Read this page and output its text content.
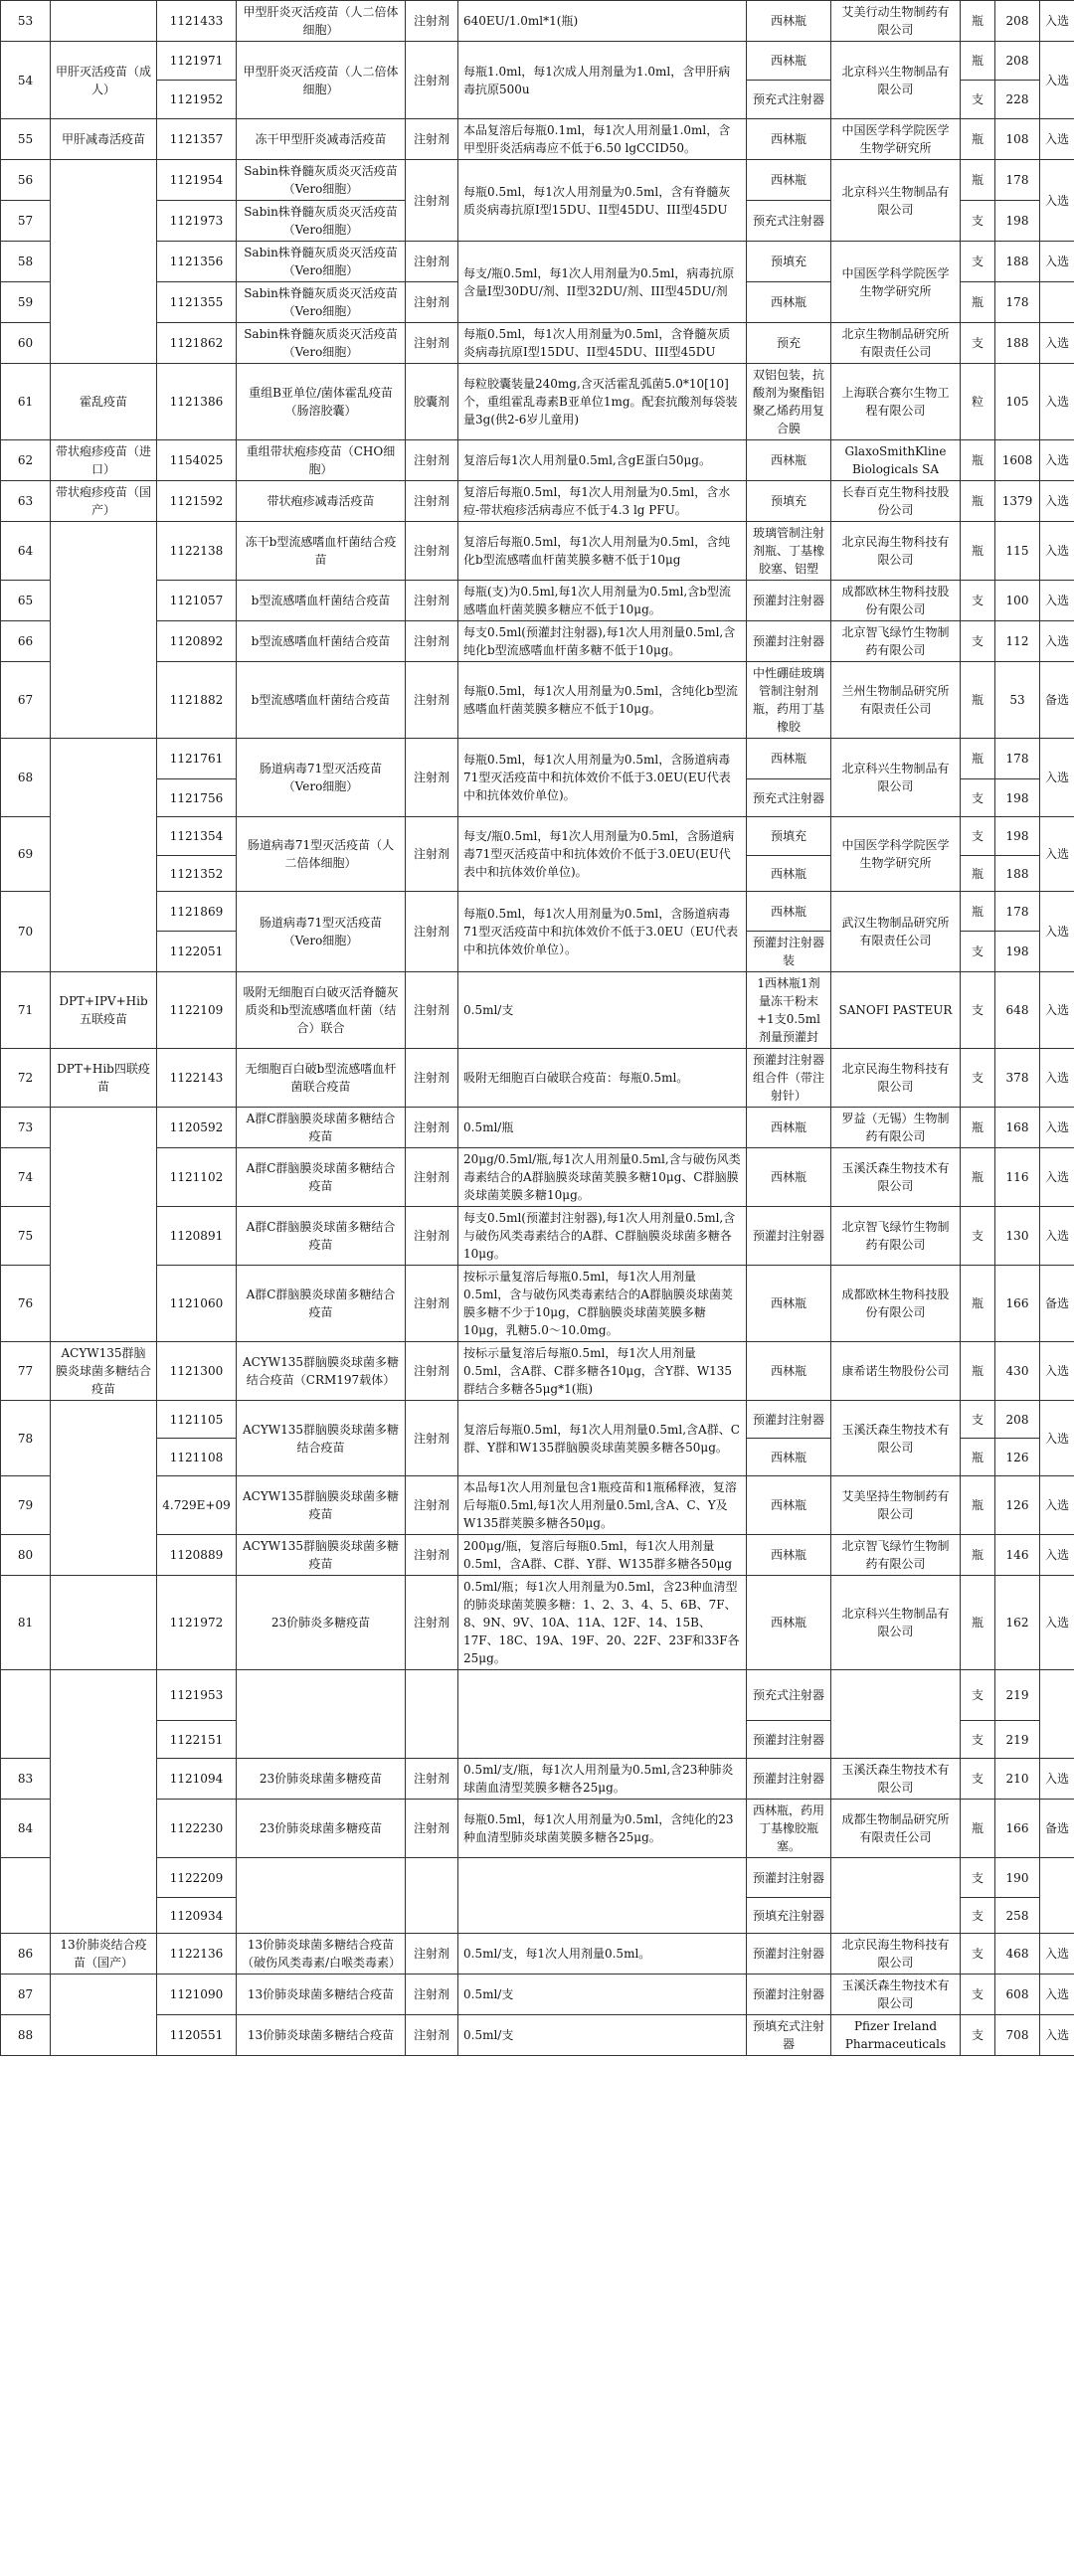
53		1121433	甲型肝炎灭活疫苗（人二倍体细胞）	注射剂	640EU/1.0ml*1(瓶)	西林瓶	艾美行动生物制药有限公司	瓶	208	入选
54	甲肝灭活疫苗（成人）	1121971	甲型肝炎灭活疫苗（人二倍体细胞）	注射剂	每瓶1.0ml，每1次成人用剂量为1.0ml，含甲肝病毒抗原500u	西林瓶	北京科兴生物制品有限公司	瓶	208	入选
		1121952				预充式注射器		支	228	
55	甲肝减毒活疫苗	1121357	冻干甲型肝炎减毒活疫苗	注射剂	本品复溶后每瓶0.1ml，每1次人用剂量1.0ml，含甲型肝炎活病毒应不低于6.50 lgCCID50。	西林瓶	中国医学科学院医学生物学研究所	瓶	108	入选
56		1121954	Sabin株脊髓灰质炎灭活疫苗（Vero细胞）	注射剂	每瓶0.5ml，每1次人用剂量为0.5ml，含有脊髓灰质炎病毒抗原I型15DU、II型45DU、III型45DU	西林瓶	北京科兴生物制品有限公司	瓶	178	入选
57		1121973	Sabin株脊髓灰质炎灭活疫苗（Vero细胞）			预充式注射器		支	198	
58		1121356	Sabin株脊髓灰质炎灭活疫苗（Vero细胞）	注射剂	每支/瓶0.5ml，每1次人用剂量为0.5ml，病毒抗原含量I型30DU/剂、II型32DU/剂、III型45DU/剂	预填充	中国医学科学院医学生物学研究所	支	188	入选
59		1121355	Sabin株脊髓灰质炎灭活疫苗（Vero细胞）	注射剂		西林瓶		瓶	178	
60		1121862	Sabin株脊髓灰质炎灭活疫苗（Vero细胞）	注射剂	每瓶0.5ml，每1次人用剂量为0.5ml，含脊髓灰质炎病毒抗原I型15DU、II型45DU、III型45DU	预充	北京生物制品研究所有限责任公司	支	188	入选
61	霍乱疫苗	1121386	重组B亚单位/菌体霍乱疫苗（肠溶胶囊）	胶囊剂	每粒胶囊装量240mg,含灭活霍乱弧菌5.0*10[10]个，重组霍乱毒素B亚单位1mg。配套抗酸剂每袋装量3g(供2-6岁儿童用)	双铝包装，抗酸剂为聚酯铝聚乙烯药用复合膜	上海联合赛尔生物工程有限公司	粒	105	入选
62	带状疱疹疫苗（进口）	1154025	重组带状疱疹疫苗（CHO细胞）	注射剂	复溶后每1次人用剂量0.5ml,含gE蛋白50μg。	西林瓶	GlaxoSmithKline Biologicals SA	瓶	1608	入选
63	带状疱疹疫苗（国产）	1121592	带状疱疹减毒活疫苗	注射剂	复溶后每瓶0.5ml，每1次人用剂量为0.5ml，含水痘-带状疱疹活病毒应不低于4.3 lg PFU。	预填充	长春百克生物科技股份公司	瓶	1379	入选
64		1122138	冻干b型流感嗜血杆菌结合疫苗	注射剂	复溶后每瓶0.5ml，每1次人用剂量为0.5ml，含纯化b型流感嗜血杆菌荚膜多糖不低于10μg	玻璃管制注射剂瓶、丁基橡胶塞、铝塑	北京民海生物科技有限公司	瓶	115	入选
65		1121057	b型流感嗜血杆菌结合疫苗	注射剂	每瓶(支)为0.5ml,每1次人用剂量为0.5ml,含b型流感嗜血杆菌荚膜多糖应不低于10μg。	预灌封注射器	成都欧林生物科技股份有限公司	支	100	入选
66		1120892	b型流感嗜血杆菌结合疫苗	注射剂	每支0.5ml(预灌封注射器),每1次人用剂量0.5ml,含纯化b型流感嗜血杆菌多糖不低于10μg。	预灌封注射器	北京智飞绿竹生物制药有限公司	支	112	入选
67		1121882	b型流感嗜血杆菌结合疫苗	注射剂	每瓶0.5ml，每1次人用剂量为0.5ml，含纯化b型流感嗜血杆菌荚膜多糖应不低于10μg。	中性硼硅玻璃管制注射剂瓶，药用丁基橡胶	兰州生物制品研究所有限责任公司	瓶	53	备选
68		1121761	肠道病毒71型灭活疫苗（Vero细胞）	注射剂	每瓶0.5ml，每1次人用剂量为0.5ml，含肠道病毒71型灭活疫苗中和抗体效价不低于3.0EU(EU代表中和抗体效价单位)。	西林瓶	北京科兴生物制品有限公司	瓶	178	入选
		1121756				预充式注射器		支	198	
69		1121354	肠道病毒71型灭活疫苗（人二倍体细胞）	注射剂	每支/瓶0.5ml，每1次人用剂量为0.5ml，含肠道病毒71型灭活疫苗中和抗体效价不低于3.0EU(EU代表中和抗体效价单位)。	预填充	中国医学科学院医学生物学研究所	支	198	入选
		1121352				西林瓶		瓶	188	
70		1121869	肠道病毒71型灭活疫苗（Vero细胞）	注射剂	每瓶0.5ml，每1次人用剂量为0.5ml，含肠道病毒71型灭活疫苗中和抗体效价不低于3.0EU（EU代表中和抗体效价单位）。	西林瓶	武汉生物制品研究所有限责任公司	瓶	178	入选
		1122051				预灌封注射器装		支	198	
71	DPT+IPV+Hib五联疫苗	1122109	吸附无细胞百白破灭活脊髓灰质炎和b型流感嗜血杆菌（结合）联合	注射剂	0.5ml/支	1西林瓶1剂量冻干粉末+1支0.5ml剂量预灌封	SANOFI PASTEUR	支	648	入选
72	DPT+Hib四联疫苗	1122143	无细胞百白破b型流感嗜血杆菌联合疫苗	注射剂	吸附无细胞百白破联合疫苗：每瓶0.5ml。	预灌封注射器组合件（带注射针）	北京民海生物科技有限公司	支	378	入选
73		1120592	A群C群脑膜炎球菌多糖结合疫苗	注射剂	0.5ml/瓶	西林瓶	罗益（无锡）生物制药有限公司	瓶	168	入选
74		1121102	A群C群脑膜炎球菌多糖结合疫苗	注射剂	20μg/0.5ml/瓶,每1次人用剂量0.5ml,含与破伤风类毒素结合的A群脑膜炎球菌荚膜多糖10μg、C群脑膜炎球菌荚膜多糖10μg。	西林瓶	玉溪沃森生物技术有限公司	瓶	116	入选
75		1120891	A群C群脑膜炎球菌多糖结合疫苗	注射剂	每支0.5ml(预灌封注射器),每1次人用剂量0.5ml,含与破伤风类毒素结合的A群、C群脑膜炎球菌多糖各10μg。	预灌封注射器	北京智飞绿竹生物制药有限公司	支	130	入选
76		1121060	A群C群脑膜炎球菌多糖结合疫苗	注射剂	按标示量复溶后每瓶0.5ml，每1次人用剂量0.5ml，含与破伤风类毒素结合的A群脑膜炎球菌荚膜多糖不少于10μg，C群脑膜炎球菌荚膜多糖10μg，乳糖5.0～10.0mg。	西林瓶	成都欧林生物科技股份有限公司	瓶	166	备选
77	ACYW135群脑膜炎球菌多糖结合疫苗	1121300	ACYW135群脑膜炎球菌多糖结合疫苗（CRM197载体）	注射剂	按标示量复溶后每瓶0.5ml，每1次人用剂量0.5ml，含A群、C群多糖各10μg，含Y群、W135群结合多糖各5μg*1(瓶)	西林瓶	康希诺生物股份公司	瓶	430	入选
78		1121105	ACYW135群脑膜炎球菌多糖结合疫苗	注射剂	复溶后每瓶0.5ml，每1次人用剂量0.5ml,含A群、C群、Y群和W135群脑膜炎球菌荚膜多糖各50μg。	预灌封注射器	玉溪沃森生物技术有限公司	支	208	入选
		1121108				西林瓶		瓶	126	
79		4.729E+09	ACYW135群脑膜炎球菌多糖疫苗	注射剂	本品每1次人用剂量包含1瓶疫苗和1瓶稀释液，复溶后每瓶0.5ml,每1次人用剂量0.5ml,含A、C、Y及W135群荚膜多糖各50μg。	西林瓶	艾美坚持生物制药有限公司	瓶	126	入选
80		1120889	ACYW135群脑膜炎球菌多糖疫苗	注射剂	200μg/瓶，复溶后每瓶0.5ml，每1次人用剂量0.5ml，含A群、C群、Y群、W135群多糖各50μg	西林瓶	北京智飞绿竹生物制药有限公司	瓶	146	入选
81		1121972	23价肺炎多糖疫苗	注射剂	0.5ml/瓶；每1次人用剂量为0.5ml，含23种血清型的肺炎球菌荚膜多糖：1、2、3、4、5、6B、7F、8、9N、9V、10A、11A、12F、14、15B、17F、18C、19A、19F、20、22F、23F和33F各25μg。	西林瓶	北京科兴生物制品有限公司	瓶	162	入选
		1121953				预充式注射器		支	219	
		1122151				预灌封注射器		支	219	
83		1121094	23价肺炎球菌多糖疫苗	注射剂	0.5ml/支/瓶，每1次人用剂量为0.5ml,含23种肺炎球菌血清型荚膜多糖各25μg。	预灌封注射器	玉溪沃森生物技术有限公司	支	210	入选
84		1122230	23价肺炎球菌多糖疫苗	注射剂	每瓶0.5ml，每1次人用剂量为0.5ml，含纯化的23种血清型肺炎球菌荚膜多糖各25μg。	西林瓶，药用丁基橡胶瓶塞。	成都生物制品研究所有限责任公司	瓶	166	备选
		1122209				预灌封注射器		支	190	
		1120934				预填充注射器		支	258	
86	13价肺炎结合疫苗（国产）	1122136	13价肺炎球菌多糖结合疫苗（破伤风类毒素/白喉类毒素）	注射剂	0.5ml/支，每1次人用剂量0.5ml。	预灌封注射器	北京民海生物科技有限公司	支	468	入选
87		1121090	13价肺炎球菌多糖结合疫苗	注射剂	0.5ml/支	预灌封注射器	玉溪沃森生物技术有限公司	支	608	入选
88		1120551	13价肺炎球菌多糖结合疫苗	注射剂	0.5ml/支	预填充式注射器	Pfizer Ireland Pharmaceuticals	支	708	入选
